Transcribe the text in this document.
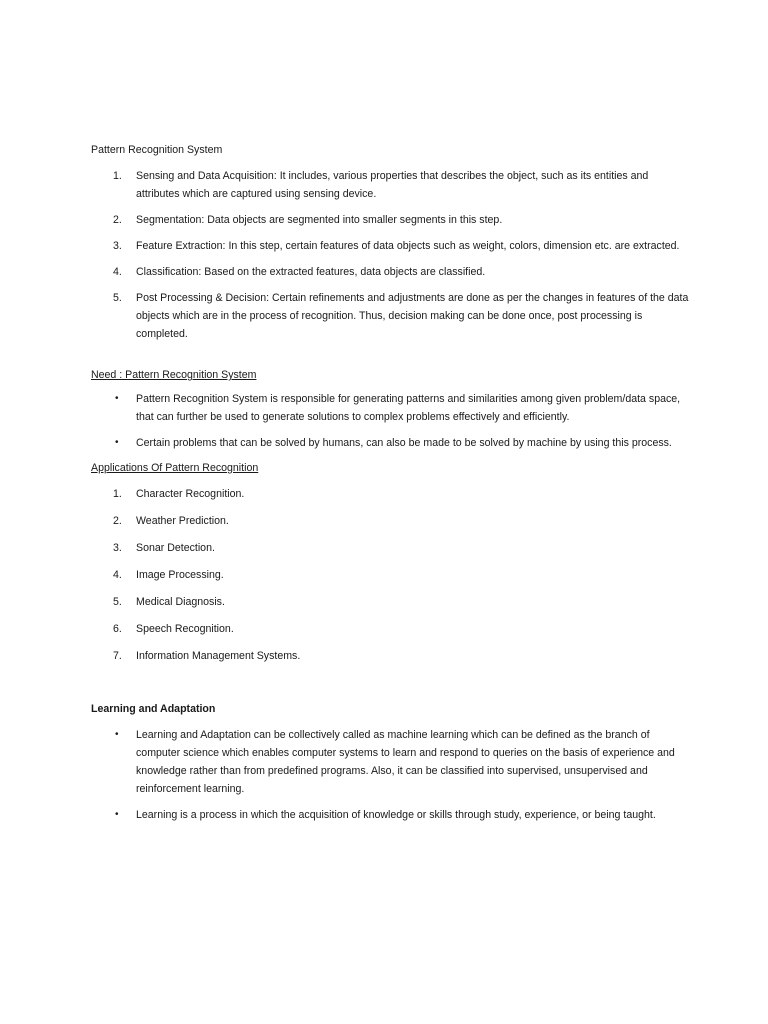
Pattern Recognition System

1. Sensing and Data Acquisition: It includes, various properties that describes the object, such as its entities and attributes which are captured using sensing device.
2. Segmentation: Data objects are segmented into smaller segments in this step.
3. Feature Extraction: In this step, certain features of data objects such as weight, colors, dimension etc. are extracted.
4. Classification: Based on the extracted features, data objects are classified.
5. Post Processing & Decision: Certain refinements and adjustments are done as per the changes in features of the data objects which are in the process of recognition. Thus, decision making can be done once, post processing is completed.

Need : Pattern Recognition System

• Pattern Recognition System is responsible for generating patterns and similarities among given problem/data space, that can further be used to generate solutions to complex problems effectively and efficiently.
• Certain problems that can be solved by humans, can also be made to be solved by machine by using this process.

Applications Of Pattern Recognition

1. Character Recognition.
2. Weather Prediction.
3. Sonar Detection.
4. Image Processing.
5. Medical Diagnosis.
6. Speech Recognition.
7. Information Management Systems.

Learning and Adaptation

• Learning and Adaptation can be collectively called as machine learning which can be defined as the branch of computer science which enables computer systems to learn and respond to queries on the basis of experience and knowledge rather than from predefined programs. Also, it can be classified into supervised, unsupervised and reinforcement learning.
• Learning is a process in which the acquisition of knowledge or skills through study, experience, or being taught.
